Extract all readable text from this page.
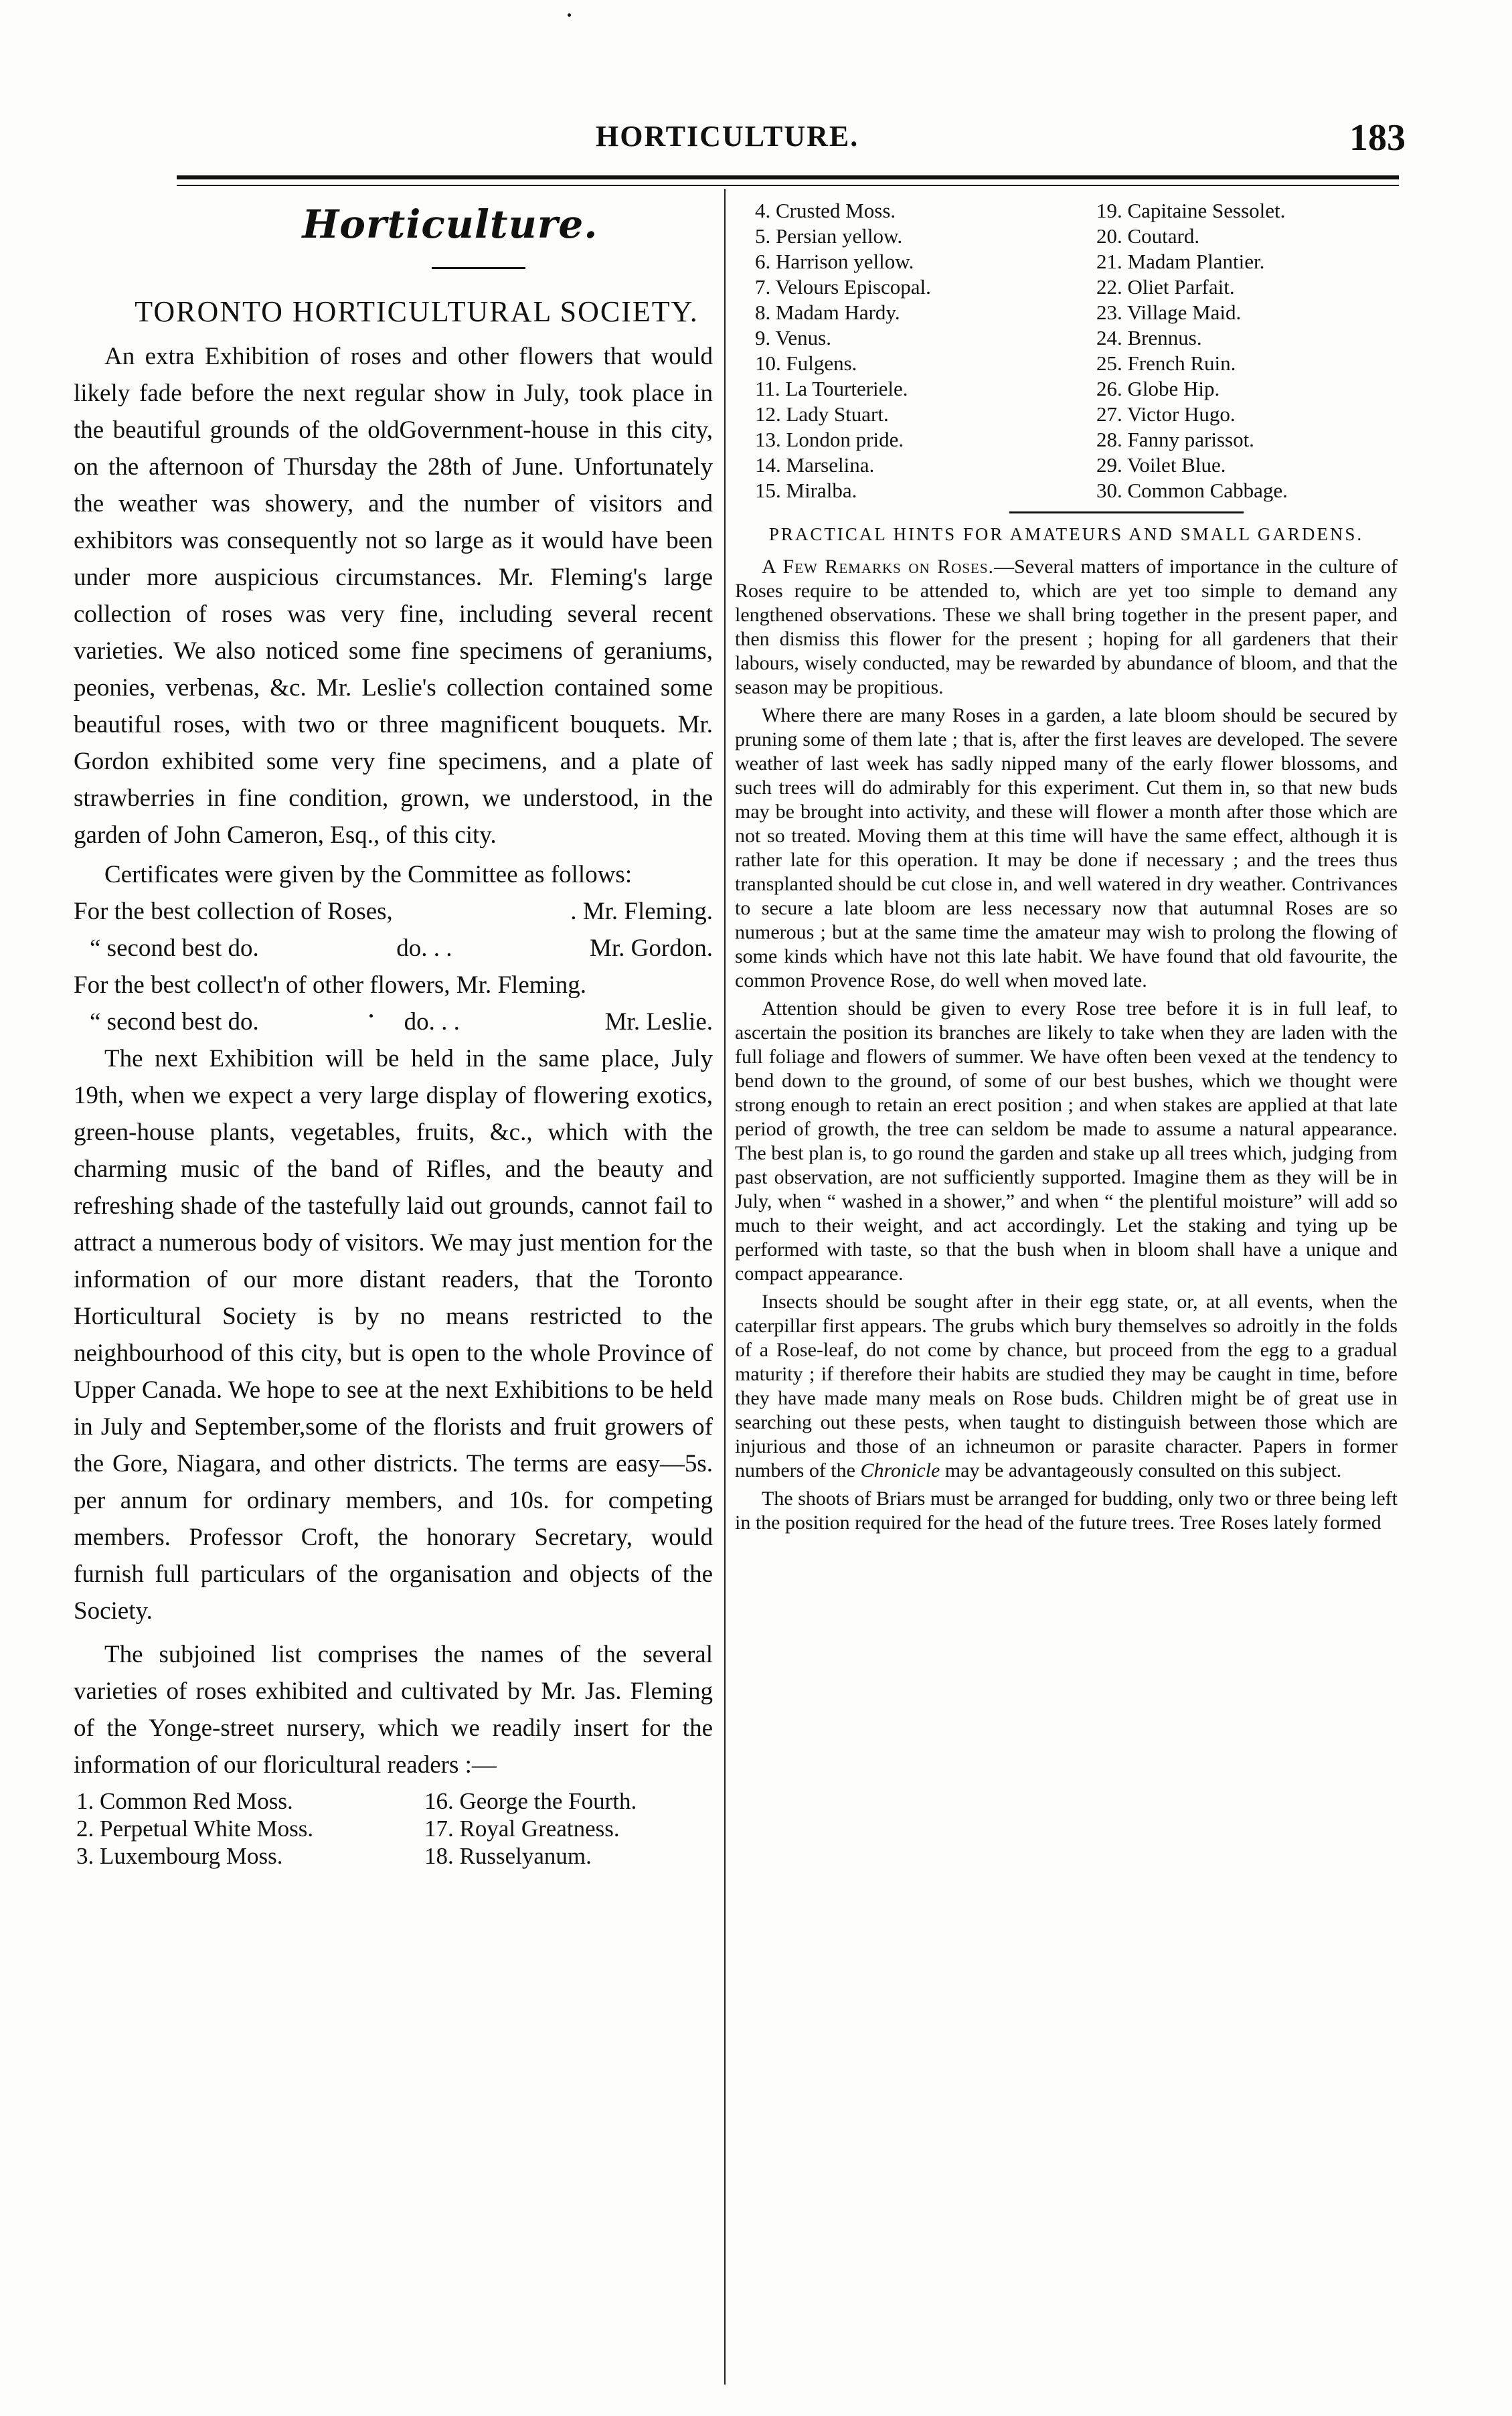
HORTICULTURE.	183
Horticulture.
TORONTO HORTICULTURAL SOCIETY.

An extra Exhibition of roses and other flowers that would likely fade before the next regular show in July, took place in the beautiful grounds of the oldGovernment-house in this city, on the afternoon of Thursday the 28th of June. Unfortunately the weather was showery, and the number of visitors and exhibitors was consequently not so large as it would have been under more auspicious circumstances. Mr. Fleming's large collection of roses was very fine, including several recent varieties. We also noticed some fine specimens of geraniums, peonies, verbenas, &c. Mr. Leslie's collection contained some beautiful roses, with two or three magnificent bouquets. Mr. Gordon exhibited some very fine specimens, and a plate of strawberries in fine condition, grown, we understood, in the garden of John Cameron, Esq., of this city.

Certificates were given by the Committee as follows:

For the best collection of Roses,	. Mr. Fleming.
“ second best do.	do. . .	Mr. Gordon.
For the best collect'n of other flowers, Mr. Fleming.
“ second best do.	do. . .	Mr. Leslie.

The next Exhibition will be held in the same place, July 19th, when we expect a very large display of flowering exotics, green-house plants, vegetables, fruits, &c., which with the charming music of the band of Rifles, and the beauty and refreshing shade of the tastefully laid out grounds, cannot fail to attract a numerous body of visitors. We may just mention for the information of our more distant readers, that the Toronto Horticultural Society is by no means restricted to the neighbourhood of this city, but is open to the whole Province of Upper Canada. We hope to see at the next Exhibitions to be held in July and September,some of the florists and fruit growers of the Gore, Niagara, and other districts. The terms are easy—5s. per annum for ordinary members, and 10s. for competing members. Professor Croft, the honorary Secretary, would furnish full particulars of the organisation and objects of the Society.

The subjoined list comprises the names of the several varieties of roses exhibited and cultivated by Mr. Jas. Fleming of the Yonge-street nursery, which we readily insert for the information of our floricultural readers :—

1. Common Red Moss.	16. George the Fourth.
2. Perpetual White Moss.	17. Royal Greatness.
3. Luxembourg Moss.	18. Russelyanum.
4. Crusted Moss.	19. Capitaine Sessolet.
5. Persian yellow.	20. Coutard.
6. Harrison yellow.	21. Madam Plantier.
7. Velours Episcopal.	22. Oliet Parfait.
8. Madam Hardy.	23. Village Maid.
9. Venus.	24. Brennus.
10. Fulgens.	25. French Ruin.
11. La Tourteriele.	26. Globe Hip.
12. Lady Stuart.	27. Victor Hugo.
13. London pride.	28. Fanny parissot.
14. Marselina.	29. Voilet Blue.
15. Miralba.	30. Common Cabbage.
PRACTICAL HINTS FOR AMATEURS AND SMALL GARDENS.

A Few Remarks on Roses.—Several matters of importance in the culture of Roses require to be attended to, which are yet too simple to demand any lengthened observations. These we shall bring together in the present paper, and then dismiss this flower for the present ; hoping for all gardeners that their labours, wisely conducted, may be rewarded by abundance of bloom, and that the season may be propitious.

Where there are many Roses in a garden, a late bloom should be secured by pruning some of them late ; that is, after the first leaves are developed. The severe weather of last week has sadly nipped many of the early flower blossoms, and such trees will do admirably for this experiment. Cut them in, so that new buds may be brought into activity, and these will flower a month after those which are not so treated. Moving them at this time will have the same effect, although it is rather late for this operation. It may be done if necessary ; and the trees thus transplanted should be cut close in, and well watered in dry weather. Contrivances to secure a late bloom are less necessary now that autumnal Roses are so numerous ; but at the same time the amateur may wish to prolong the flowing of some kinds which have not this late habit. We have found that old favourite, the common Provence Rose, do well when moved late.

Attention should be given to every Rose tree before it is in full leaf, to ascertain the position its branches are likely to take when they are laden with the full foliage and flowers of summer. We have often been vexed at the tendency to bend down to the ground, of some of our best bushes, which we thought were strong enough to retain an erect position ; and when stakes are applied at that late period of growth, the tree can seldom be made to assume a natural appearance. The best plan is, to go round the garden and stake up all trees which, judging from past observation, are not sufficiently supported. Imagine them as they will be in July, when “ washed in a shower,” and when “ the plentiful moisture” will add so much to their weight, and act accordingly. Let the staking and tying up be performed with taste, so that the bush when in bloom shall have a unique and compact appearance.

Insects should be sought after in their egg state, or, at all events, when the caterpillar first appears. The grubs which bury themselves so adroitly in the folds of a Rose-leaf, do not come by chance, but proceed from the egg to a gradual maturity ; if therefore their habits are studied they may be caught in time, before they have made many meals on Rose buds. Children might be of great use in searching out these pests, when taught to distinguish between those which are injurious and those of an ichneumon or parasite character. Papers in former numbers of the Chronicle may be advantageously consulted on this subject.

The shoots of Briars must be arranged for budding, only two or three being left in the position required for the head of the future trees. Tree Roses lately formed
